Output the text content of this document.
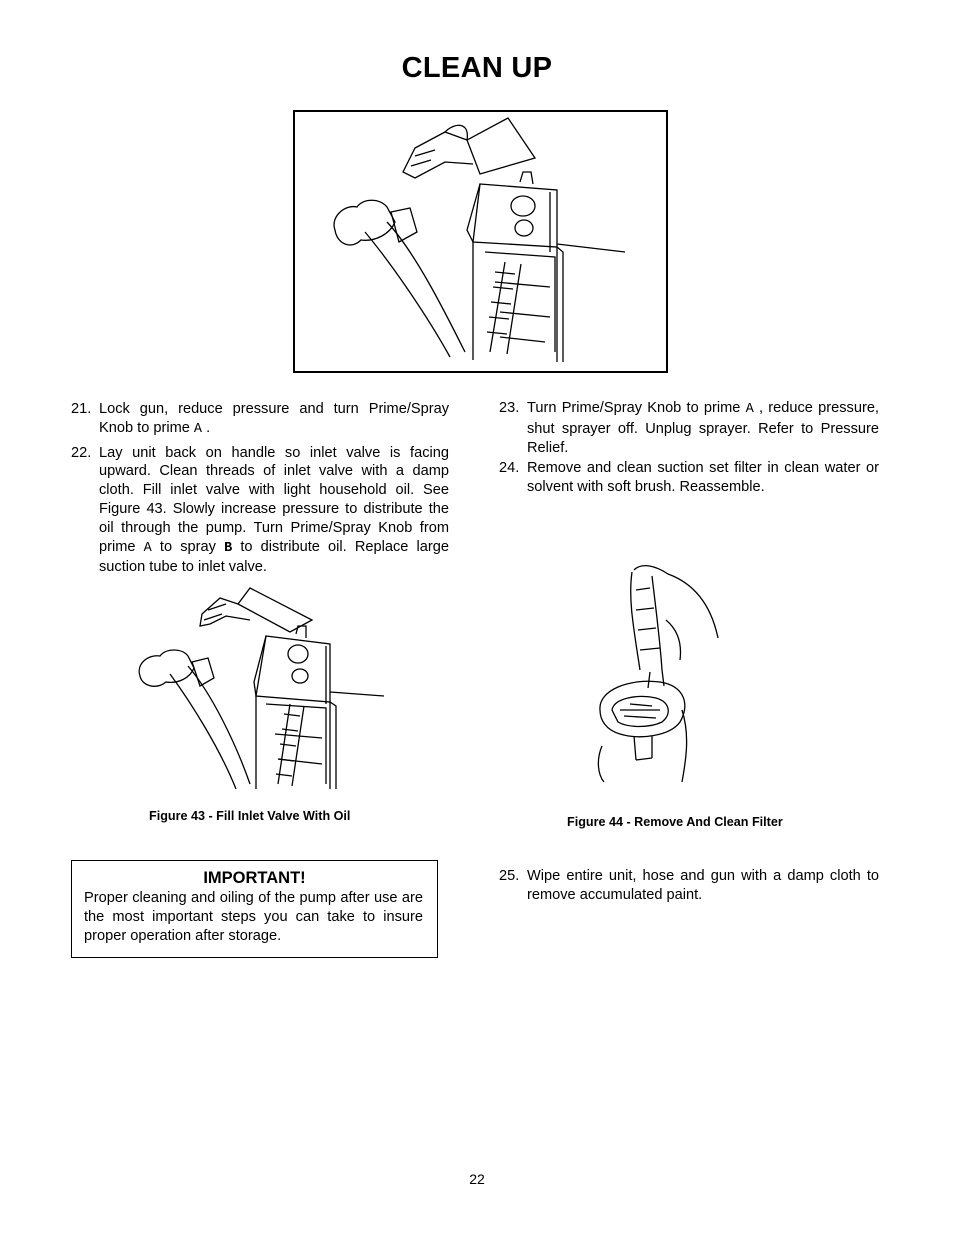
CLEAN UP
21. Lock gun, reduce pressure and turn Prime/Spray Knob to prime A .
22. Lay unit back on handle so inlet valve is facing upward. Clean threads of inlet valve with a damp cloth. Fill inlet valve with light household oil. See Figure 43. Slowly increase pressure to distribute the oil through the pump. Turn Prime/Spray Knob from prime A to spray B to distribute oil. Replace large suction tube to inlet valve.
23. Turn Prime/Spray Knob to prime A , reduce pressure, shut sprayer off. Unplug sprayer. Refer to Pressure Relief.
24. Remove and clean suction set filter in clean water or solvent with soft brush. Reassemble.
Figure 43 - Fill Inlet Valve With Oil	Figure 44 - Remove And Clean Filter
IMPORTANT!
Proper cleaning and oiling of the pump after use are the most important steps you can take to insure proper operation after storage.
25. Wipe entire unit, hose and gun with a damp cloth to remove accumulated paint.
22
